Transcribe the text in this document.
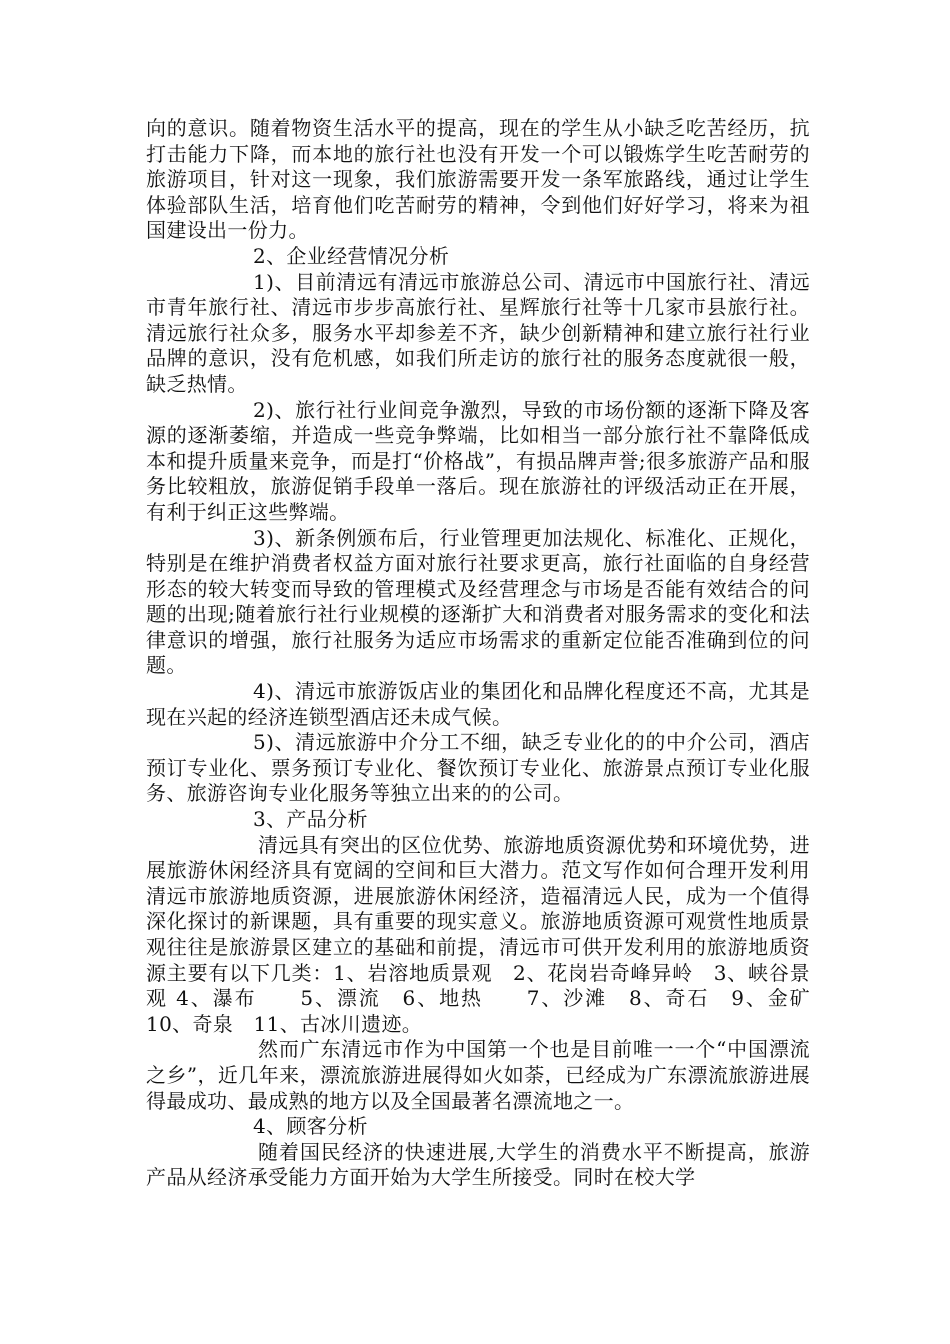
向的意识。随着物资生活水平的提高，现在的学生从小缺乏吃苦经历，抗打击能力下降，而本地的旅行社也没有开发一个可以锻炼学生吃苦耐劳的旅游项目，针对这一现象，我们旅游需要开发一条军旅路线，通过让学生体验部队生活，培育他们吃苦耐劳的精神，令到他们好好学习，将来为祖国建设出一份力。

2、企业经营情况分析

1)、目前清远有清远市旅游总公司、清远市中国旅行社、清远市青年旅行社、清远市步步高旅行社、星辉旅行社等十几家市县旅行社。清远旅行社众多，服务水平却参差不齐，缺少创新精神和建立旅行社行业品牌的意识，没有危机感，如我们所走访的旅行社的服务态度就很一般，缺乏热情。

2)、旅行社行业间竞争激烈，导致的市场份额的逐渐下降及客源的逐渐萎缩，并造成一些竞争弊端，比如相当一部分旅行社不靠降低成本和提升质量来竞争，而是打“价格战”，有损品牌声誉;很多旅游产品和服务比较粗放，旅游促销手段单一落后。现在旅游社的评级活动正在开展，有利于纠正这些弊端。

3)、新条例颁布后，行业管理更加法规化、标准化、正规化，特别是在维护消费者权益方面对旅行社要求更高，旅行社面临的自身经营形态的较大转变而导致的管理模式及经营理念与市场是否能有效结合的问题的出现;随着旅行社行业规模的逐渐扩大和消费者对服务需求的变化和法律意识的增强，旅行社服务为适应市场需求的重新定位能否准确到位的问题。

4)、清远市旅游饭店业的集团化和品牌化程度还不高，尤其是现在兴起的经济连锁型酒店还未成气候。

5)、清远旅游中介分工不细，缺乏专业化的的中介公司，酒店预订专业化、票务预订专业化、餐饮预订专业化、旅游景点预订专业化服务、旅游咨询专业化服务等独立出来的的公司。

3、产品分析

清远具有突出的区位优势、旅游地质资源优势和环境优势，进展旅游休闲经济具有宽阔的空间和巨大潜力。范文写作如何合理开发利用清远市旅游地质资源，进展旅游休闲经济，造福清远人民，成为一个值得深化探讨的新课题，具有重要的现实意义。旅游地质资源可观赏性地质景观往往是旅游景区建立的基础和前提，清远市可供开发利用的旅游地质资源主要有以下几类：1、岩溶地质景观　2、花岗岩奇峰异岭　3、峡谷景观 4、瀑布　　5、漂流　6、地热　　7、沙滩　8、奇石　9、金矿　10、奇泉　11、古冰川遗迹。

然而广东清远市作为中国第一个也是目前唯一一个“中国漂流之乡”，近几年来，漂流旅游进展得如火如荼，已经成为广东漂流旅游进展得最成功、最成熟的地方以及全国最著名漂流地之一。

4、顾客分析

随着国民经济的快速进展,大学生的消费水平不断提高，旅游产品从经济承受能力方面开始为大学生所接受。同时在校大学
